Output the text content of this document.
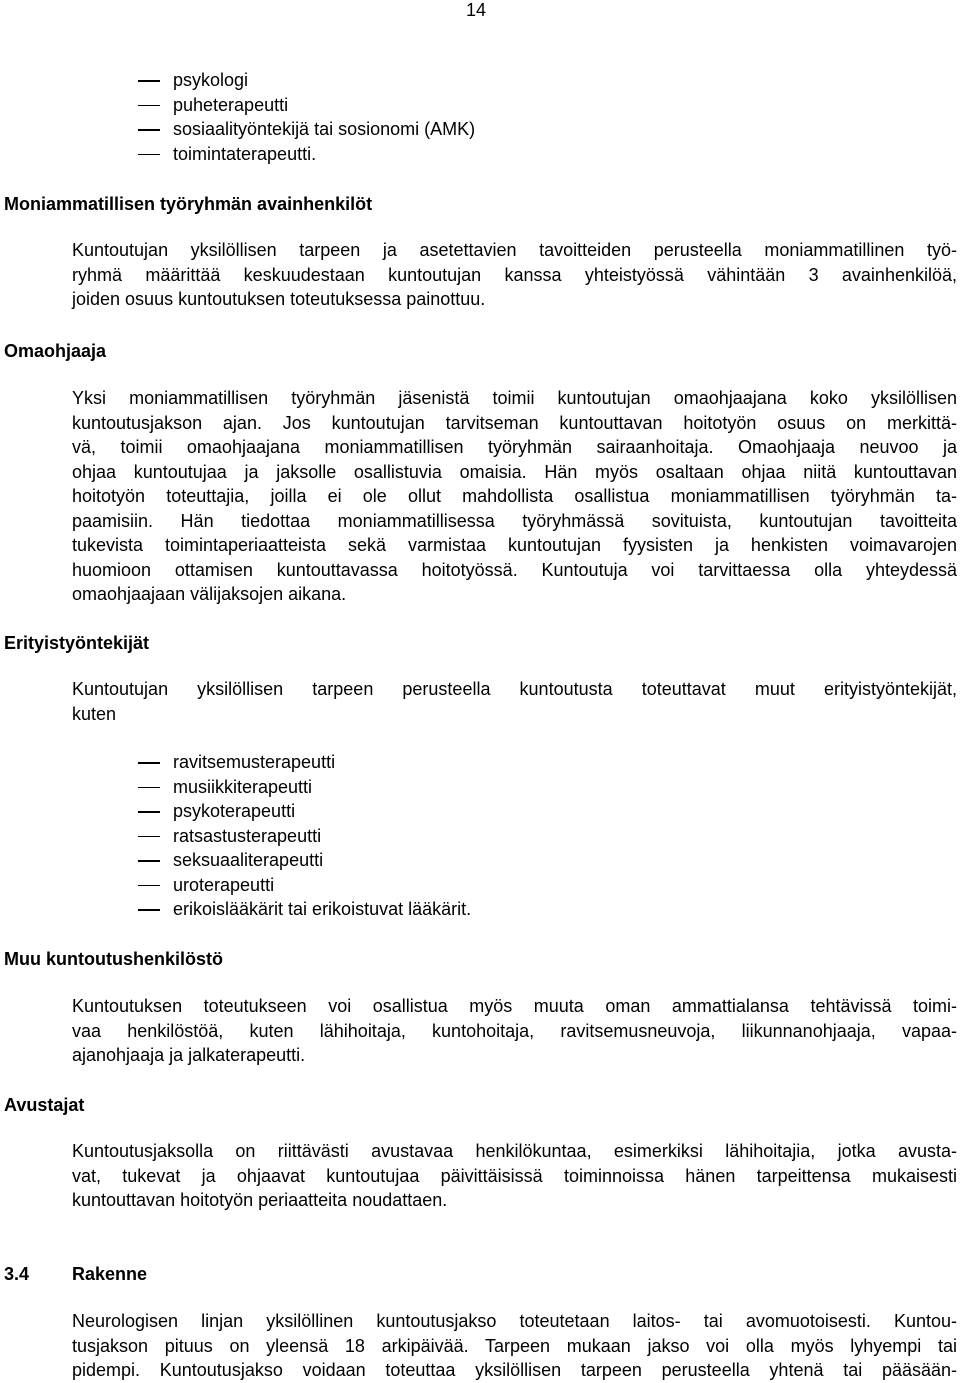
14
psykologi
puheterapeutti
sosiaalityöntekijä tai sosionomi (AMK)
toimintaterapeutti.
Moniammatillisen työryhmän avainhenkilöt

Kuntoutujan yksilöllisen tarpeen ja asetettavien tavoitteiden perusteella moniammatillinen työ-
ryhmä määrittää keskuudestaan kuntoutujan kanssa yhteistyössä vähintään 3 avainhenkilöä,
joiden osuus kuntoutuksen toteutuksessa painottuu.

Omaohjaaja

Yksi moniammatillisen työryhmän jäsenistä toimii kuntoutujan omaohjaajana koko yksilöllisen
kuntoutusjakson ajan. Jos kuntoutujan tarvitseman kuntouttavan hoitotyön osuus on merkittä-
vä, toimii omaohjaajana moniammatillisen työryhmän sairaanhoitaja. Omaohjaaja neuvoo ja
ohjaa kuntoutujaa ja jaksolle osallistuvia omaisia. Hän myös osaltaan ohjaa niitä kuntouttavan
hoitotyön toteuttajia, joilla ei ole ollut mahdollista osallistua moniammatillisen työryhmän ta-
paamisiin. Hän tiedottaa moniammatillisessa työryhmässä sovituista, kuntoutujan tavoitteita
tukevista toimintaperiaatteista sekä varmistaa kuntoutujan fyysisten ja henkisten voimavarojen
huomioon ottamisen kuntouttavassa hoitotyössä. Kuntoutuja voi tarvittaessa olla yhteydessä
omaohjaajaan välijaksojen aikana.

Erityistyöntekijät

Kuntoutujan yksilöllisen tarpeen perusteella kuntoutusta toteuttavat muut erityistyöntekijät,
kuten

ravitsemusterapeutti
musiikkiterapeutti
psykoterapeutti
ratsastusterapeutti
seksuaaliterapeutti
uroterapeutti
erikoislääkärit tai erikoistuvat lääkärit.
Muu kuntoutushenkilöstö

Kuntoutuksen toteutukseen voi osallistua myös muuta oman ammattialansa tehtävissä toimi-
vaa henkilöstöä, kuten lähihoitaja, kuntohoitaja, ravitsemusneuvoja, liikunnanohjaaja, vapaa-
ajanohjaaja ja jalkaterapeutti.

Avustajat

Kuntoutusjaksolla on riittävästi avustavaa henkilökuntaa, esimerkiksi lähihoitajia, jotka avusta-
vat, tukevat ja ohjaavat kuntoutujaa päivittäisissä toiminnoissa hänen tarpeittensa mukaisesti
kuntouttavan hoitotyön periaatteita noudattaen.

3.4 Rakenne

Neurologisen linjan yksilöllinen kuntoutusjakso toteutetaan laitos- tai avomuotoisesti. Kuntou-
tusjakson pituus on yleensä 18 arkipäivää. Tarpeen mukaan jakso voi olla myös lyhyempi tai
pidempi. Kuntoutusjakso voidaan toteuttaa yksilöllisen tarpeen perusteella yhtenä tai pääsään-
